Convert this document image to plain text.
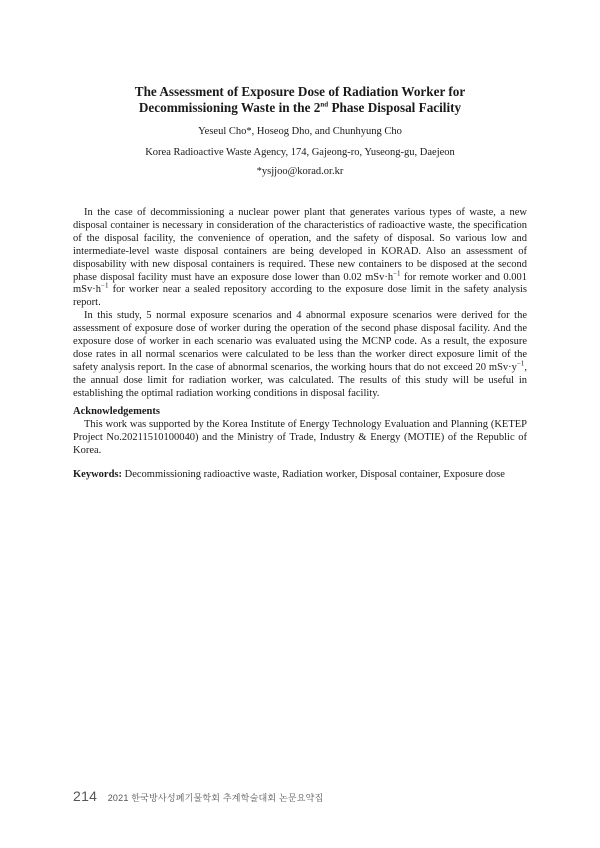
The Assessment of Exposure Dose of Radiation Worker for
Decommissioning Waste in the 2nd Phase Disposal Facility
Yeseul Cho*, Hoseog Dho, and Chunhyung Cho
Korea Radioactive Waste Agency, 174, Gajeong-ro, Yuseong-gu, Daejeon
*ysjjoo@korad.or.kr

In the case of decommissioning a nuclear power plant that generates various types of waste, a new disposal container is necessary in consideration of the characteristics of radioactive waste, the specification of the disposal facility, the convenience of operation, and the safety of disposal. So various low and intermediate-level waste disposal containers are being developed in KORAD. Also an assessment of disposability with new disposal containers is required. These new containers to be disposed at the second phase disposal facility must have an exposure dose lower than 0.02 $mSv\cdot h^{-1}$ for remote worker and 0.001 $mSv\cdot h^{-1}$ for worker near a sealed repository according to the exposure dose limit in the safety analysis report.

In this study, 5 normal exposure scenarios and 4 abnormal exposure scenarios were derived for the assessment of exposure dose of worker during the operation of the second phase disposal facility. And the exposure dose of worker in each scenario was evaluated using the MCNP code. As a result, the exposure dose rates in all normal scenarios were calculated to be less than the worker direct exposure limit of the safety analysis report. In the case of abnormal scenarios, the working hours that do not exceed 20 $mSv\cdot y^{-1}$, the annual dose limit for radiation worker, was calculated. The results of this study will be useful in establishing the optimal radiation working conditions in disposal facility.

Acknowledgements

This work was supported by the Korea Institute of Energy Technology Evaluation and Planning (KETEP Project No.20211510100040) and the Ministry of Trade, Industry & Energy (MOTIE) of the Republic of Korea.

Keywords: Decommissioning radioactive waste, Radiation worker, Disposal container, Exposure dose
214 2021 한국방사성폐기물학회 추계학술대회 논문요약집
